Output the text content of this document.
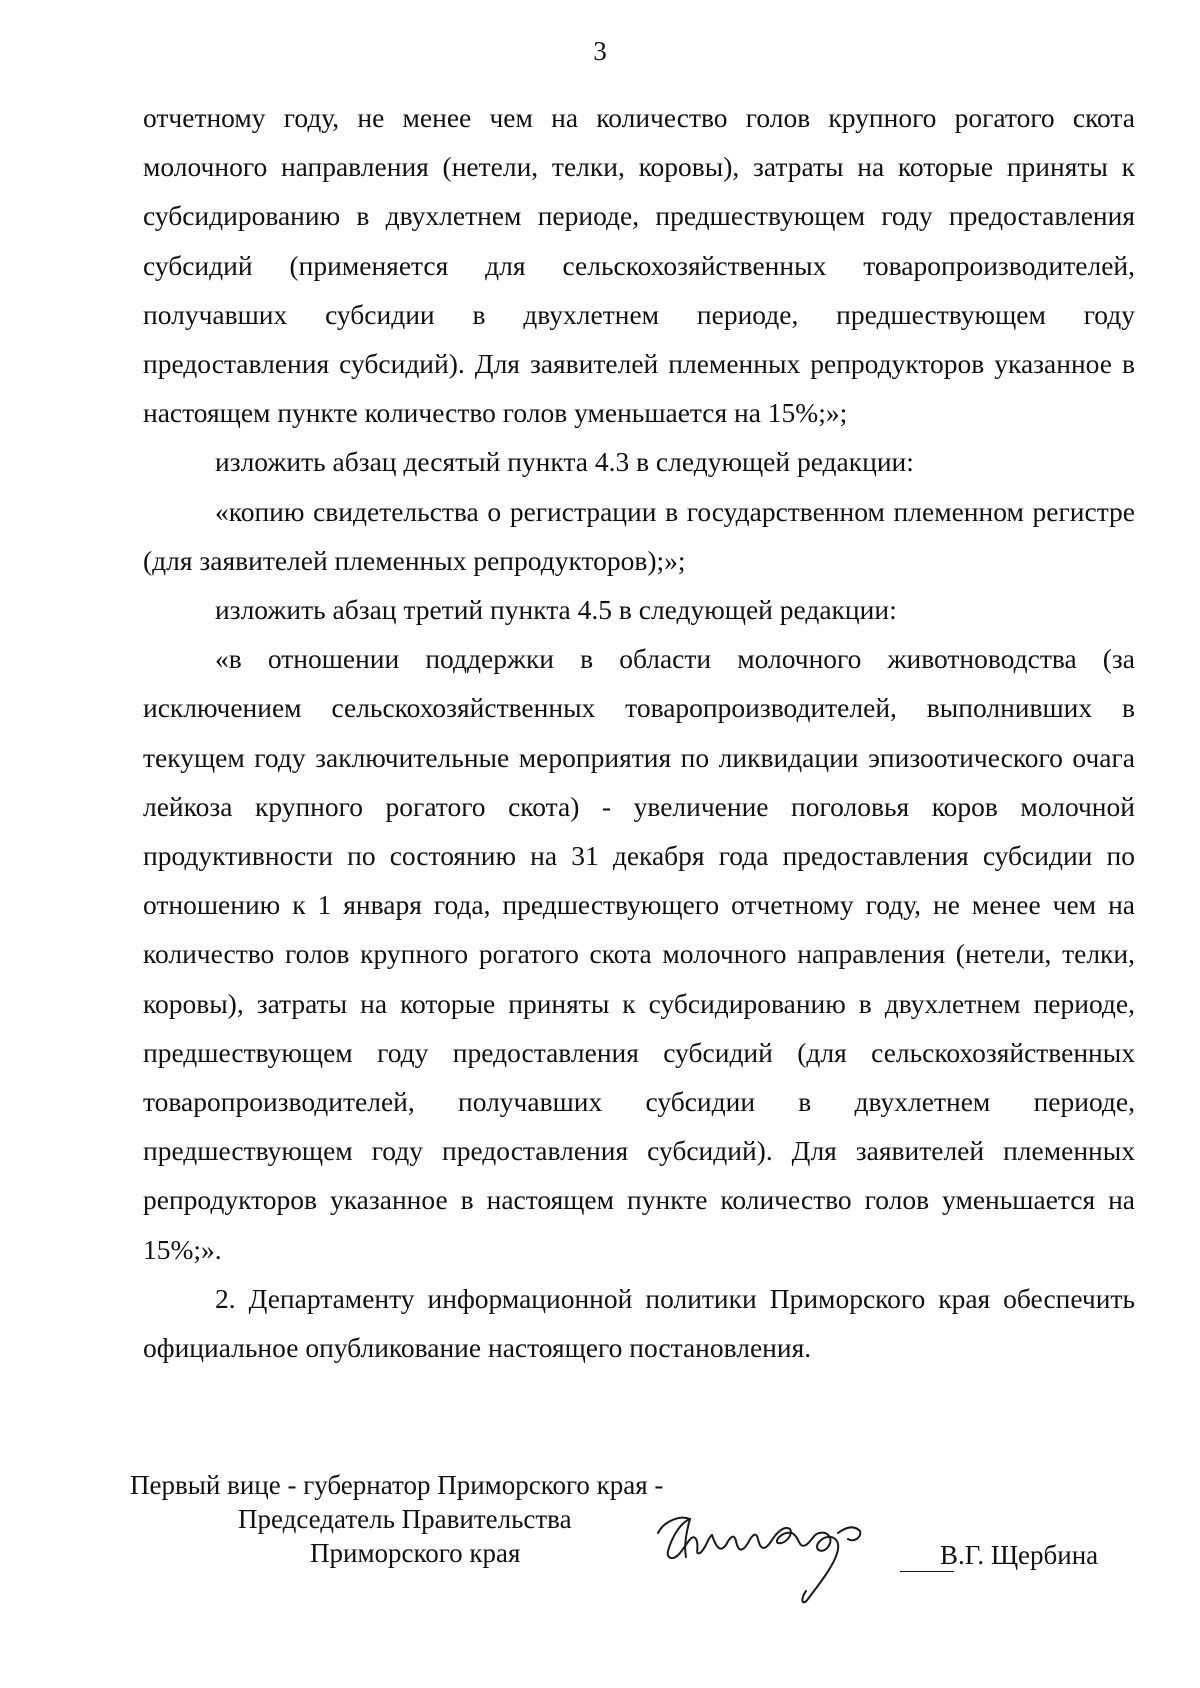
3

отчетному году, не менее чем на количество голов крупного рогатого скота молочного направления (нетели, телки, коровы), затраты на которые приняты к субсидированию в двухлетнем периоде, предшествующем году предоставления субсидий (применяется для сельскохозяйственных товаропроизводителей, получавших субсидии в двухлетнем периоде, предшествующем году предоставления субсидий). Для заявителей племенных репродукторов указанное в настоящем пункте количество голов уменьшается на 15%;»;

изложить абзац десятый пункта 4.3 в следующей редакции:

«копию свидетельства о регистрации в государственном племенном регистре (для заявителей племенных репродукторов);»;

изложить абзац третий пункта 4.5 в следующей редакции:

«в отношении поддержки в области молочного животноводства (за исключением сельскохозяйственных товаропроизводителей, выполнивших в текущем году заключительные мероприятия по ликвидации эпизоотического очага лейкоза крупного рогатого скота) - увеличение поголовья коров молочной продуктивности по состоянию на 31 декабря года предоставления субсидии по отношению к 1 января года, предшествующего отчетному году, не менее чем на количество голов крупного рогатого скота молочного направления (нетели, телки, коровы), затраты на которые приняты к субсидированию в двухлетнем периоде, предшествующем году предоставления субсидий (для сельскохозяйственных товаропроизводителей, получавших субсидии в двухлетнем периоде, предшествующем году предоставления субсидий). Для заявителей племенных репродукторов указанное в настоящем пункте количество голов уменьшается на 15%;».

2. Департаменту информационной политики Приморского края обеспечить официальное опубликование настоящего постановления.

Первый вице - губернатор Приморского края -
Председатель Правительства
Приморского края	В.Г. Щербина
